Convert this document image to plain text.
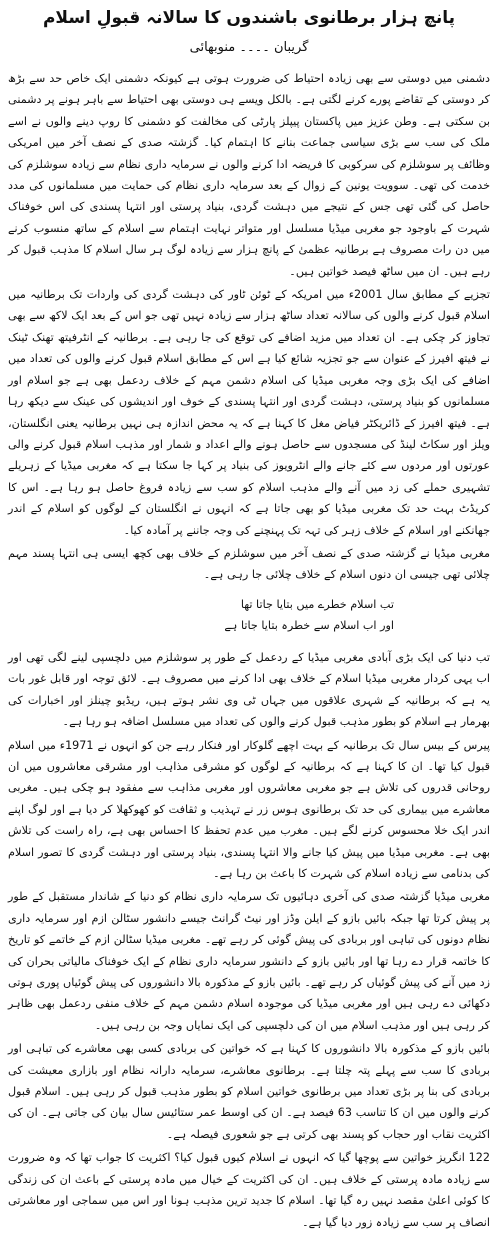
پانچ ہزار برطانوی باشندوں کا سالانہ قبولِ اسلام
گریبان ۔۔۔۔ منوبھائی

دشمنی میں دوستی سے بھی زیادہ احتیاط کی ضرورت ہوتی ہے کیونکہ دشمنی ایک خاص حد سے بڑھ کر دوستی کے تقاضے پورے کرنے لگتی ہے۔ بالکل ویسے ہی دوستی بھی احتیاط سے باہر ہونے پر دشمنی بن سکتی ہے۔ وطن عزیز میں پاکستان پیپلز پارٹی کی مخالفت کو دشمنی کا روپ دینے والوں نے اسے ملک کی سب سے بڑی سیاسی جماعت بنانے کا اہتمام کیا۔ گزشتہ صدی کے نصف آخر میں امریکی وظائف پر سوشلزم کی سرکوبی کا فریضہ ادا کرنے والوں نے سرمایہ داری نظام سے زیادہ سوشلزم کی خدمت کی تھی۔ سوویت یونین کے زوال کے بعد سرمایہ داری نظام کی حمایت میں مسلمانوں کی مدد حاصل کی گئی تھی جس کے نتیجے میں دہشت گردی، بنیاد پرستی اور انتہا پسندی کی اس خوفناک شہرت کے باوجود جو مغربی میڈیا مسلسل اور متواتر نہایت اہتمام سے اسلام کے ساتھ منسوب کرنے میں دن رات مصروف ہے برطانیہ عظمیٰ کے پانچ ہزار سے زیادہ لوگ ہر سال اسلام کا مذہب قبول کر رہے ہیں۔ ان میں ساٹھ فیصد خواتین ہیں۔

تجزیے کے مطابق سال 2001ء میں امریکہ کے ٹوئن ٹاور کی دہشت گردی کی واردات تک برطانیہ میں اسلام قبول کرنے والوں کی سالانہ تعداد ساٹھ ہزار سے زیادہ نہیں تھی جو اس کے بعد ایک لاکھ سے بھی تجاوز کر چکی ہے۔ ان تعداد میں مزید اضافے کی توقع کی جا رہی ہے۔ برطانیہ کے انٹرفیتھ تھنک ٹینک نے فیتھ افیرز کے عنوان سے جو تجزیہ شائع کیا ہے اس کے مطابق اسلام قبول کرنے والوں کی تعداد میں اضافے کی ایک بڑی وجہ مغربی میڈیا کی اسلام دشمن مہم کے خلاف ردعمل بھی ہے جو اسلام اور مسلمانوں کو بنیاد پرستی، دہشت گردی اور انتہا پسندی کے خوف اور اندیشوں کی عینک سے دیکھ رہا ہے۔ فیتھ افیرز کے ڈائریکٹر فیاض مغل کا کہنا ہے کہ یہ محض اندازہ ہی نہیں برطانیہ یعنی انگلستان، ویلز اور سکاٹ لینڈ کی مسجدوں سے حاصل ہونے والے اعداد و شمار اور مذہب اسلام قبول کرنے والی عورتوں اور مردوں سے کئے جانے والے انٹرویوز کی بنیاد پر کہا جا سکتا ہے کہ مغربی میڈیا کے زہریلے تشہیری حملے کی زد میں آنے والے مذہب اسلام کو سب سے زیادہ فروغ حاصل ہو رہا ہے۔ اس کا کریڈٹ بہت حد تک مغربی میڈیا کو بھی جاتا ہے کہ انہوں نے انگلستان کے لوگوں کو اسلام کے اندر جھانکنے اور اسلام کے خلاف زہر کی تہہ تک پہنچنے کی وجہ جاننے پر آمادہ کیا۔

مغربی میڈیا نے گزشتہ صدی کے نصف آخر میں سوشلزم کے خلاف بھی کچھ ایسی ہی انتہا پسند مہم چلائی تھی جیسی ان دنوں اسلام کے خلاف چلائی جا رہی ہے۔

تب اسلام خطرے میں بتایا جاتا تھا
اور اب اسلام سے خطرہ بتایا جاتا ہے

تب دنیا کی ایک بڑی آبادی مغربی میڈیا کے ردعمل کے طور پر سوشلزم میں دلچسپی لینے لگی تھی اور اب یہی کردار مغربی میڈیا اسلام کے خلاف بھی ادا کرنے میں مصروف ہے۔ لائق توجہ اور قابل غور بات یہ ہے کہ برطانیہ کے شہری علاقوں میں جہاں ٹی وی نشر ہوتے ہیں، ریڈیو چینلز اور اخبارات کی بھرمار ہے اسلام کو بطور مذہب قبول کرنے والوں کی تعداد میں مسلسل اضافہ ہو رہا ہے۔

پیرس کے بیس سال تک برطانیہ کے بہت اچھے گلوکار اور فنکار رہے جن کو انہوں نے 1971ء میں اسلام قبول کیا تھا۔ ان کا کہنا ہے کہ برطانیہ کے لوگوں کو مشرقی مذاہب اور مشرقی معاشروں میں ان روحانی قدروں کی تلاش ہے جو مغربی معاشروں اور مغربی مذاہب سے مفقود ہو چکی ہیں۔ مغربی معاشرے میں بیماری کی حد تک برطانوی ہوس زر نے تہذیب و ثقافت کو کھوکھلا کر دیا ہے اور لوگ اپنے اندر ایک خلا محسوس کرنے لگے ہیں۔ مغرب میں عدم تحفظ کا احساس بھی ہے، راہ راست کی تلاش بھی ہے۔ مغربی میڈیا میں پیش کیا جانے والا انتہا پسندی، بنیاد پرستی اور دہشت گردی کا تصور اسلام کی بدنامی سے زیادہ اسلام کی شہرت کا باعث بن رہا ہے۔

مغربی میڈیا گزشتہ صدی کی آخری دہائیوں تک سرمایہ داری نظام کو دنیا کے شاندار مستقبل کے طور پر پیش کرتا تھا جبکہ بائیں بازو کے ایلن وڈز اور نیٹ گرانٹ جیسے دانشور سٹالن ازم اور سرمایہ داری نظام دونوں کی تباہی اور بربادی کی پیش گوئی کر رہے تھے۔ مغربی میڈیا سٹالن ازم کے خاتمے کو تاریخ کا خاتمہ قرار دے رہا تھا اور بائیں بازو کے دانشور سرمایہ داری نظام کے ایک خوفناک مالیاتی بحران کی زد میں آنے کی پیش گوئیاں کر رہے تھے۔ بائیں بازو کے مذکورہ بالا دانشوروں کی پیش گوئیاں پوری ہوتی دکھائی دے رہی ہیں اور مغربی میڈیا کی موجودہ اسلام دشمن مہم کے خلاف منفی ردعمل بھی ظاہر کر رہی ہیں اور مذہب اسلام میں ان کی دلچسپی کی ایک نمایاں وجہ بن رہی ہیں۔

بائیں بازو کے مذکورہ بالا دانشوروں کا کہنا ہے کہ خواتین کی بربادی کسی بھی معاشرے کی تباہی اور بربادی کا سب سے پہلے پتہ چلتا ہے۔ برطانوی معاشرے، سرمایہ دارانہ نظام اور بازاری معیشت کی بربادی کی بنا پر بڑی تعداد میں برطانوی خواتین اسلام کو بطور مذہب قبول کر رہی ہیں۔ اسلام قبول کرنے والوں میں ان کا تناسب 63 فیصد ہے۔ ان کی اوسط عمر ستائیس سال بیان کی جاتی ہے۔ ان کی اکثریت نقاب اور حجاب کو پسند بھی کرتی ہے جو شعوری فیصلہ ہے۔

122 انگریز خواتین سے پوچھا گیا کہ انہوں نے اسلام کیوں قبول کیا؟ اکثریت کا جواب تھا کہ وہ ضرورت سے زیادہ مادہ پرستی کے خلاف ہیں۔ ان کی اکثریت کے خیال میں مادہ پرستی کے باعث ان کی زندگی کا کوئی اعلیٰ مقصد نہیں رہ گیا تھا۔ اسلام کا جدید ترین مذہب ہونا اور اس میں سماجی اور معاشرتی انصاف پر سب سے زیادہ زور دیا گیا ہے۔
